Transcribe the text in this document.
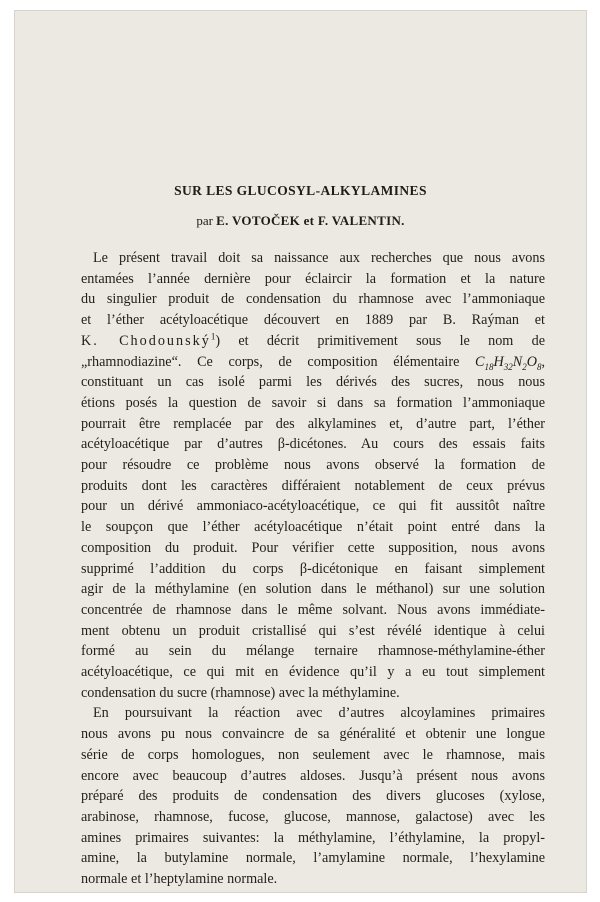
SUR LES GLUCOSYL-ALKYLAMINES
par E. VOTOČEK et F. VALENTIN.
Le présent travail doit sa naissance aux recherches que nous avons
entamées l’année dernière pour éclaircir la formation et la nature
du singulier produit de condensation du rhamnose avec l’ammoniaque
et l’éther acétyloacétique découvert en 1889 par B. Raýman et
K. Chodounský$^1$) et décrit primitivement sous le nom de
„rhamnodiazine“. Ce corps, de composition élémentaire $C_{18}H_{32}N_2O_8$,
constituant un cas isolé parmi les dérivés des sucres, nous nous
étions posés la question de savoir si dans sa formation l’ammoniaque
pourrait être remplacée par des alkylamines et, d’autre part, l’éther
acétyloacétique par d’autres β-dicétones. Au cours des essais faits
pour résoudre ce problème nous avons observé la formation de
produits dont les caractères différaient notablement de ceux prévus
pour un dérivé ammoniaco-acétyloacétique, ce qui fit aussitôt naître
le soupçon que l’éther acétyloacétique n’était point entré dans la
composition du produit. Pour vérifier cette supposition, nous avons
supprimé l’addition du corps β-dicétonique en faisant simplement
agir de la méthylamine (en solution dans le méthanol) sur une solution
concentrée de rhamnose dans le même solvant. Nous avons immédiate-
ment obtenu un produit cristallisé qui s’est révélé identique à celui
formé au sein du mélange ternaire rhamnose-méthylamine-éther
acétyloacétique, ce qui mit en évidence qu’il y a eu tout simplement
condensation du sucre (rhamnose) avec la méthylamine.
En poursuivant la réaction avec d’autres alcoylamines primaires
nous avons pu nous convaincre de sa généralité et obtenir une longue
série de corps homologues, non seulement avec le rhamnose, mais
encore avec beaucoup d’autres aldoses. Jusqu’à présent nous avons
préparé des produits de condensation des divers glucoses (xylose,
arabinose, rhamnose, fucose, glucose, mannose, galactose) avec les
amines primaires suivantes: la méthylamine, l’éthylamine, la propyl-
amine, la butylamine normale, l’amylamine normale, l’hexylamine
normale et l’heptylamine normale.
